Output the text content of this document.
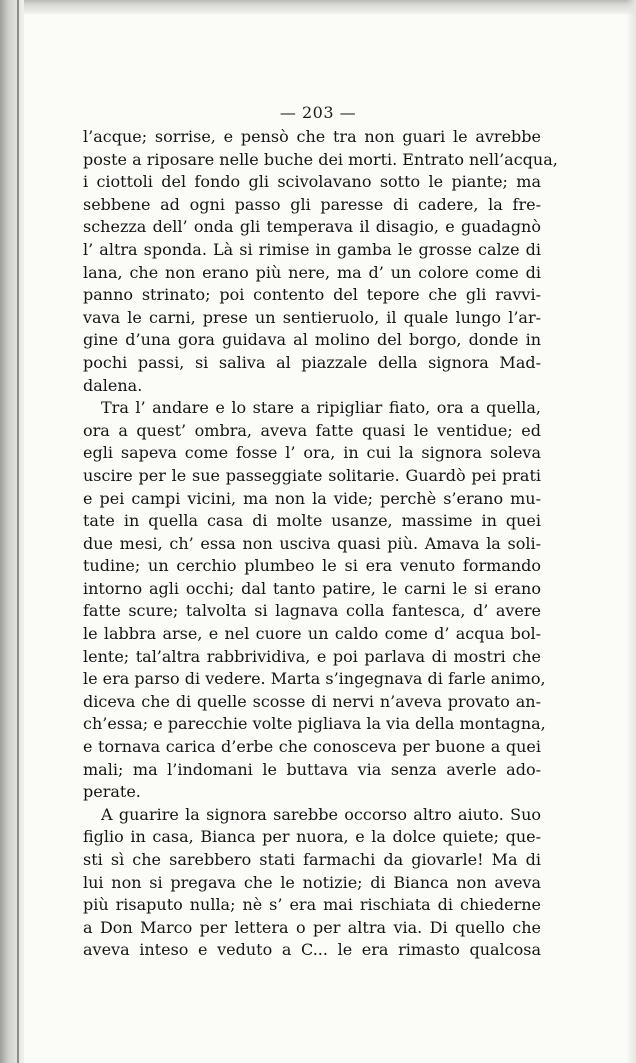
— 203 —
l’acque; sorrise, e pensò che tra non guari le avrebbe
poste a riposare nelle buche dei morti. Entrato nell’acqua,
i ciottoli del fondo gli scivolavano sotto le piante; ma
sebbene ad ogni passo gli paresse di cadere, la fre-
schezza dell’ onda gli temperava il disagio, e guadagnò
l’ altra sponda. Là si rimise in gamba le grosse calze di
lana, che non erano più nere, ma d’ un colore come di
panno strinato; poi contento del tepore che gli ravvi-
vava le carni, prese un sentieruolo, il quale lungo l’ar-
gine d’una gora guidava al molino del borgo, donde in
pochi passi, si saliva al piazzale della signora Mad-
dalena.
Tra l’ andare e lo stare a ripigliar fiato, ora a quella,
ora a quest’ ombra, aveva fatte quasi le ventidue; ed
egli sapeva come fosse l’ ora, in cui la signora soleva
uscire per le sue passeggiate solitarie. Guardò pei prati
e pei campi vicini, ma non la vide; perchè s’erano mu-
tate in quella casa di molte usanze, massime in quei
due mesi, ch’ essa non usciva quasi più. Amava la soli-
tudine; un cerchio plumbeo le si era venuto formando
intorno agli occhi; dal tanto patire, le carni le si erano
fatte scure; talvolta si lagnava colla fantesca, d’ avere
le labbra arse, e nel cuore un caldo come d’ acqua bol-
lente; tal’altra rabbrividiva, e poi parlava di mostri che
le era parso di vedere. Marta s’ingegnava di farle animo,
diceva che di quelle scosse di nervi n’aveva provato an-
ch’essa; e parecchie volte pigliava la via della montagna,
e tornava carica d’erbe che conosceva per buone a quei
mali; ma l’indomani le buttava via senza averle ado-
perate.
A guarire la signora sarebbe occorso altro aiuto. Suo
figlio in casa, Bianca per nuora, e la dolce quiete; que-
sti sì che sarebbero stati farmachi da giovarle! Ma di
lui non si pregava che le notizie; di Bianca non aveva
più risaputo nulla; nè s’ era mai rischiata di chiederne
a Don Marco per lettera o per altra via. Di quello che
aveva inteso e veduto a C... le era rimasto qualcosa
